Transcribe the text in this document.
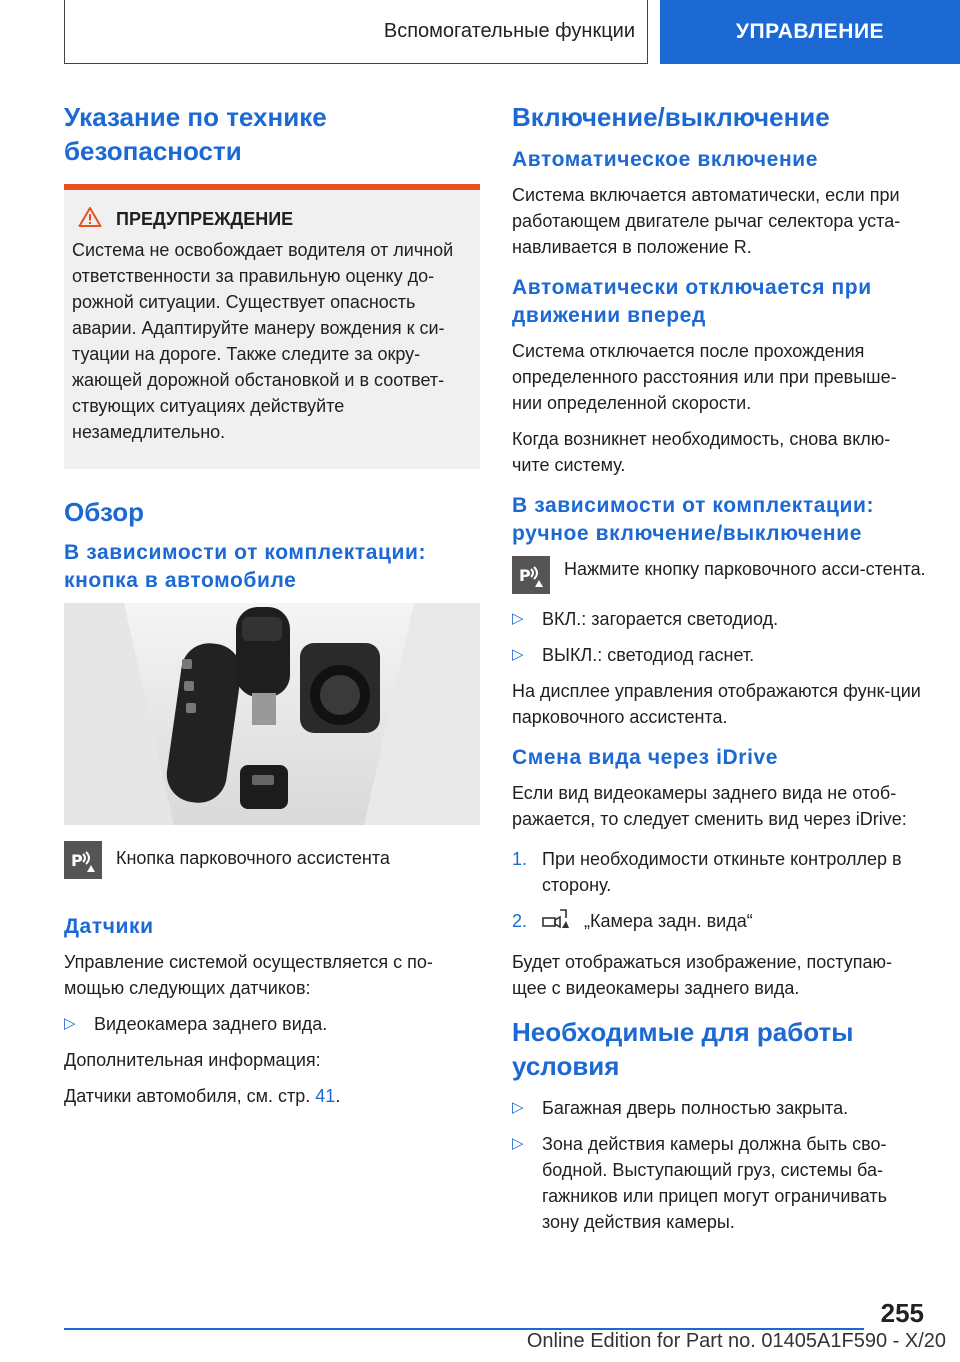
Вспомогательные функции	УПРАВЛЕНИЕ
Указание по технике безопасности
ПРЕДУПРЕЖДЕНИЕ

Система не освобождает водителя от личной ответственности за правильную оценку до-рожной ситуации. Существует опасность аварии. Адаптируйте манеру вождения к си-туации на дороге. Также следите за окру-жающей дорожной обстановкой и в соответ-ствующих ситуациях действуйте незамедлительно.

Обзор
В зависимости от комплектации: кнопка в автомобиле
P Кнопка парковочного ассистента

Датчики

Управление системой осуществляется с по-мощью следующих датчиков:

▷ Видеокамера заднего вида.

Дополнительная информация:

Датчики автомобиля, см. стр. 41.

Включение/выключение
Автоматическое включение

Система включается автоматически, если при работающем двигателе рычаг селектора уста-навливается в положение R.

Автоматически отключается при движении вперед

Система отключается после прохождения определенного расстояния или при превыше-нии определенной скорости.

Когда возникнет необходимость, снова вклю-чите систему.

В зависимости от комплектации: ручное включение/выключение
P Нажмите кнопку парковочного асси-стента.

▷ ВКЛ.: загорается светодиод.
▷ ВЫКЛ.: светодиод гаснет.

На дисплее управления отображаются функ-ции парковочного ассистента.

Смена вида через iDrive

Если вид видеокамеры заднего вида не отоб-ражается, то следует сменить вид через iDrive:

1. При необходимости откиньте контроллер в сторону.
2.	„Камера задн. вида“

Будет отображаться изображение, поступаю-щее с видеокамеры заднего вида.

Необходимые для работы условия
▷ Багажная дверь полностью закрыта.
▷ Зона действия камеры должна быть сво-бодной. Выступающий груз, системы ба-гажников или прицеп могут ограничивать зону действия камеры.
255
Online Edition for Part no. 01405A1F590 - X/20
